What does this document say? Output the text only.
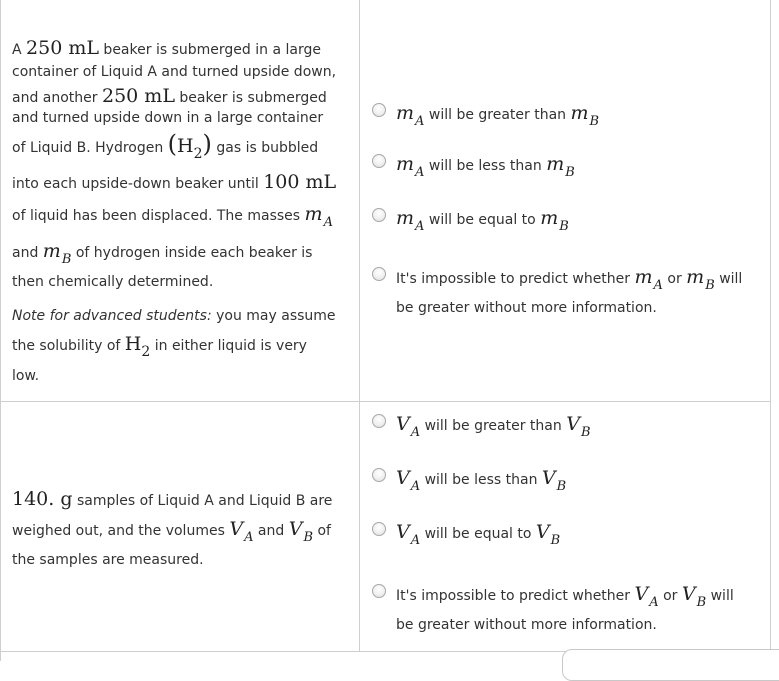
A 250 mL beaker is submerged in a large
container of Liquid A and turned upside down,
and another 250 mL beaker is submerged
and turned upside down in a large container
of Liquid B. Hydrogen (H2) gas is bubbled
into each upside-down beaker until 100 mL
of liquid has been displaced. The masses mA
and mB of hydrogen inside each beaker is
then chemically determined.
Note for advanced students: you may assume
the solubility of H2 in either liquid is very
low.
mA will be greater than mB
mA will be less than mB
mA will be equal to mB
It's impossible to predict whether mA or mB will
be greater without more information.
140. g samples of Liquid A and Liquid B are
weighed out, and the volumes VA and VB of
the samples are measured.
VA will be greater than VB
VA will be less than VB
VA will be equal to VB
It's impossible to predict whether VA or VB will
be greater without more information.
